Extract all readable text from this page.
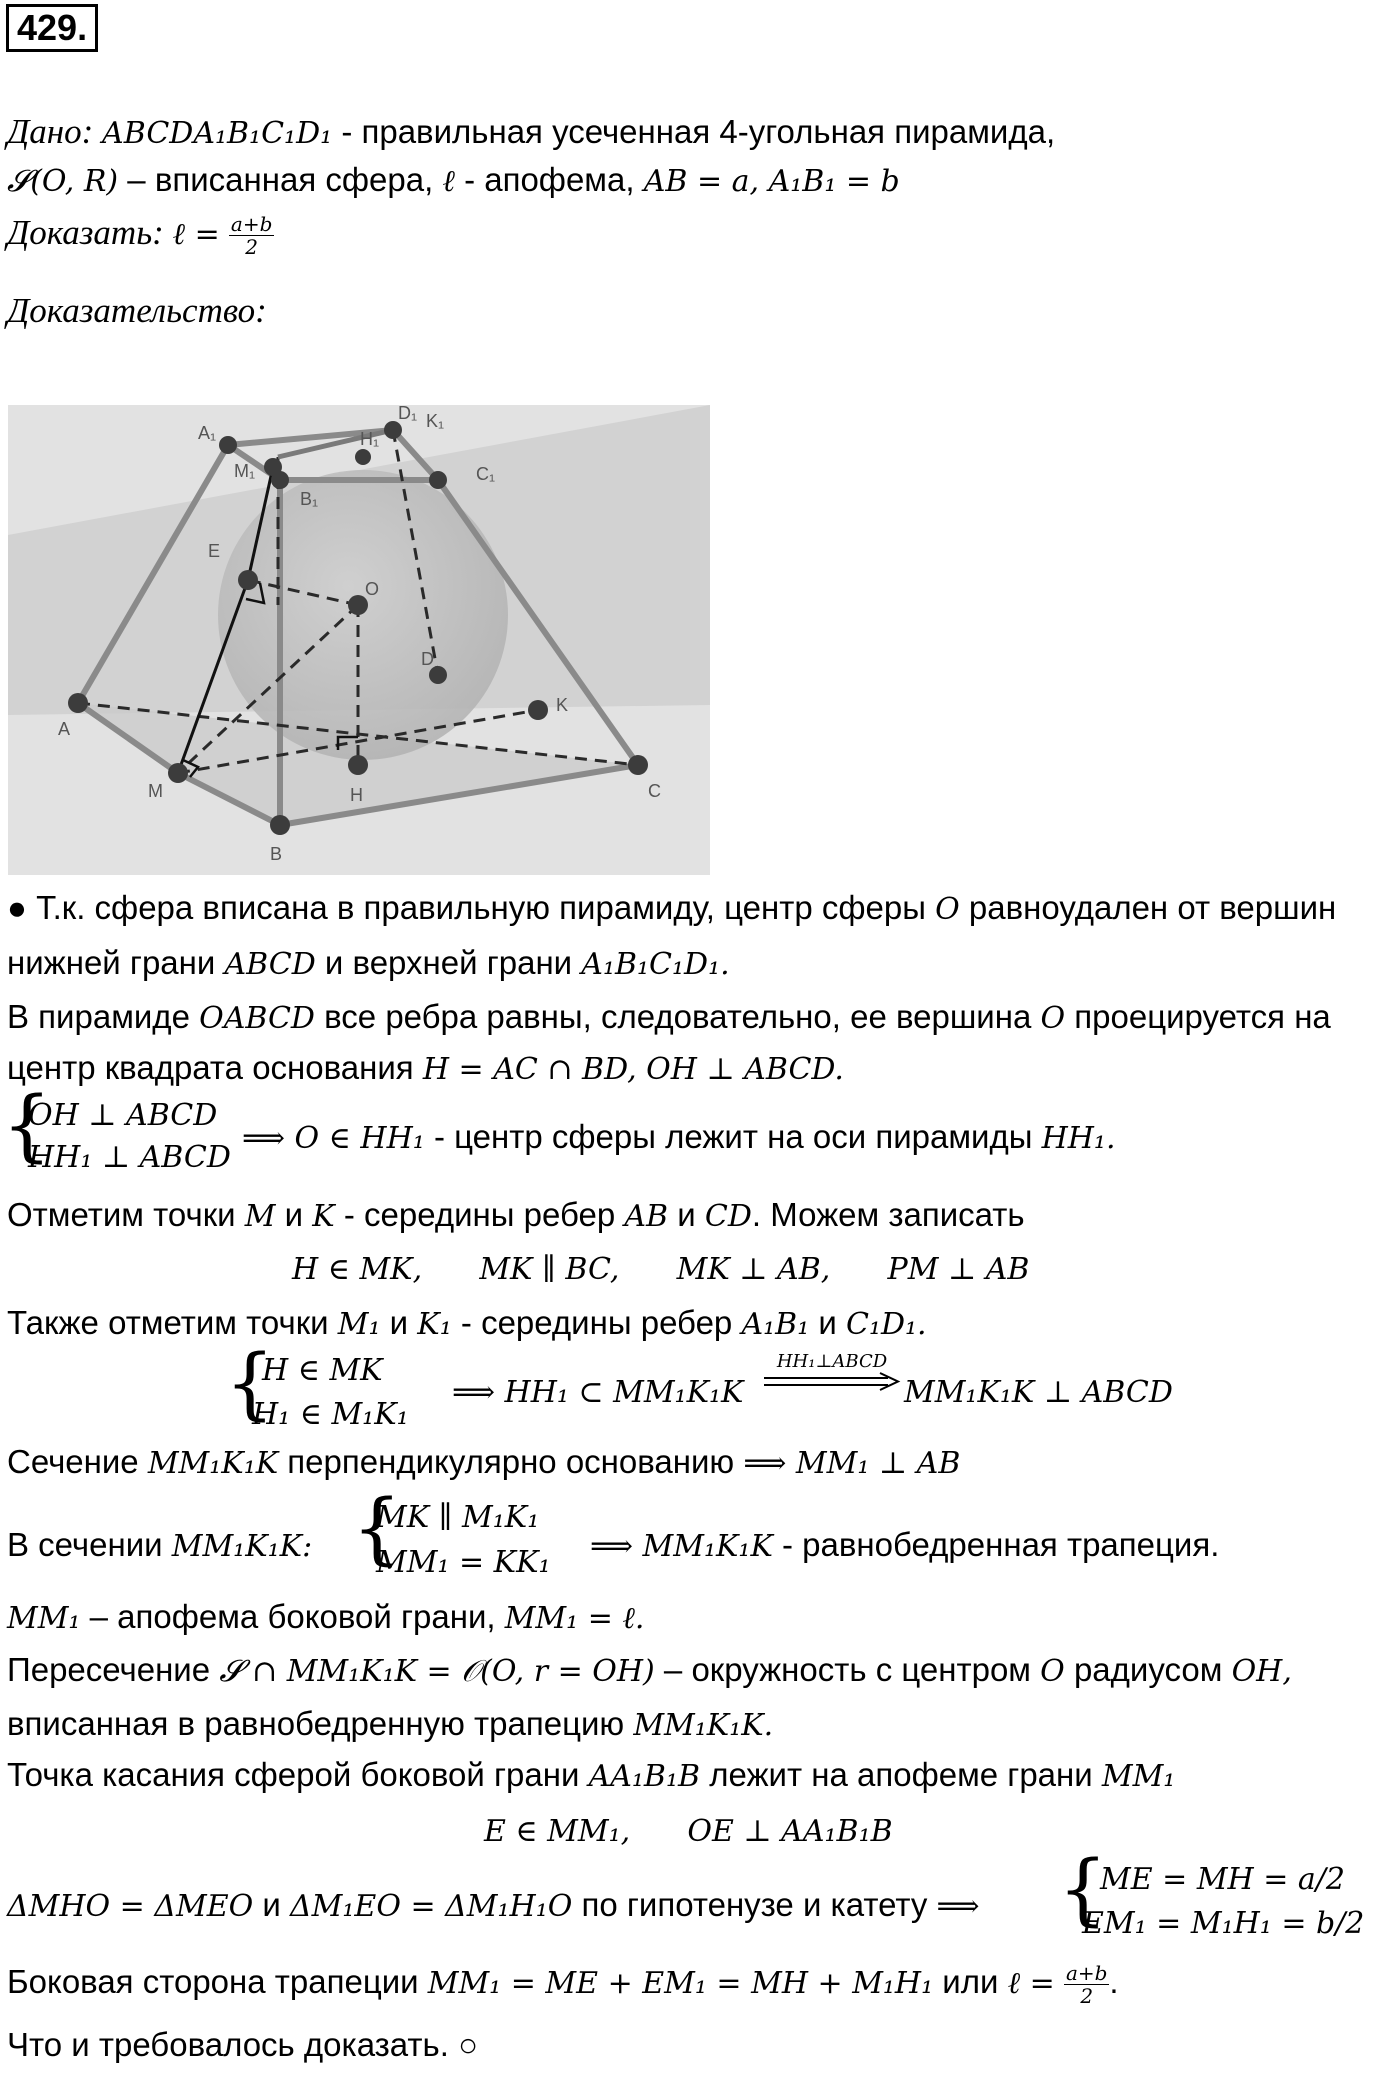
429.
Дано: ABCDA₁B₁C₁D₁ - правильная усеченная 4-угольная пирамида,
𝓢(O, R) – вписанная сфера, ℓ - апофема, AB = a, A₁B₁ = b
Доказать: ℓ = $\frac{a+b}{2}$
Доказательство:
A₁
D₁ K₁
H₁
M₁	C₁
B₁
E
O
D
K
A
H
M	C
B
● Т.к. сфера вписана в правильную пирамиду, центр сферы O равноудален от вершин
нижней грани ABCD и верхней грани A₁B₁C₁D₁.
В пирамиде OABCD все ребра равны, следовательно, ее вершина O проецируется на
центр квадрата основания H = AC ∩ BD, OH ⊥ ABCD.
{
OH ⊥ ABCD
HH₁ ⊥ ABCD
⟹ O ∈ HH₁ - центр сферы лежит на оси пирамиды HH₁.
Отметим точки M и K - середины ребер AB и CD. Можем записать
H ∈ MK,      MK ∥ BC,      MK ⊥ AB,      PM ⊥ AB
Также отметим точки M₁ и K₁ - середины ребер A₁B₁ и C₁D₁.
{
H ∈ MK
H₁ ∈ M₁K₁
⟹ HH₁ ⊂ MM₁K₁K
HH₁⊥ABCD
MM₁K₁K ⊥ ABCD
Сечение MM₁K₁K перпендикулярно основанию ⟹ MM₁ ⊥ AB
В сечении MM₁K₁K: {
MK ∥ M₁K₁
MM₁ = KK₁ ⟹ MM₁K₁K - равнобедренная трапеция.
MM₁ – апофема боковой грани, MM₁ = ℓ.
Пересечение 𝓢 ∩ MM₁K₁K = 𝒪(O, r = OH) – окружность с центром O радиусом OH,
вписанная в равнобедренную трапецию MM₁K₁K.
Точка касания сферой боковой грани AA₁B₁B лежит на апофеме грани MM₁
E ∈ MM₁,      OE ⊥ AA₁B₁B
ΔMHO = ΔMEO и ΔM₁EO = ΔM₁H₁O по гипотенузе и катету ⟹ {
ME = MH = a/2
EM₁ = M₁H₁ = b/2
Боковая сторона трапеции MM₁ = ME + EM₁ = MH + M₁H₁ или ℓ = $\frac{a+b}{2}$ .
Что и требовалось доказать. ○
